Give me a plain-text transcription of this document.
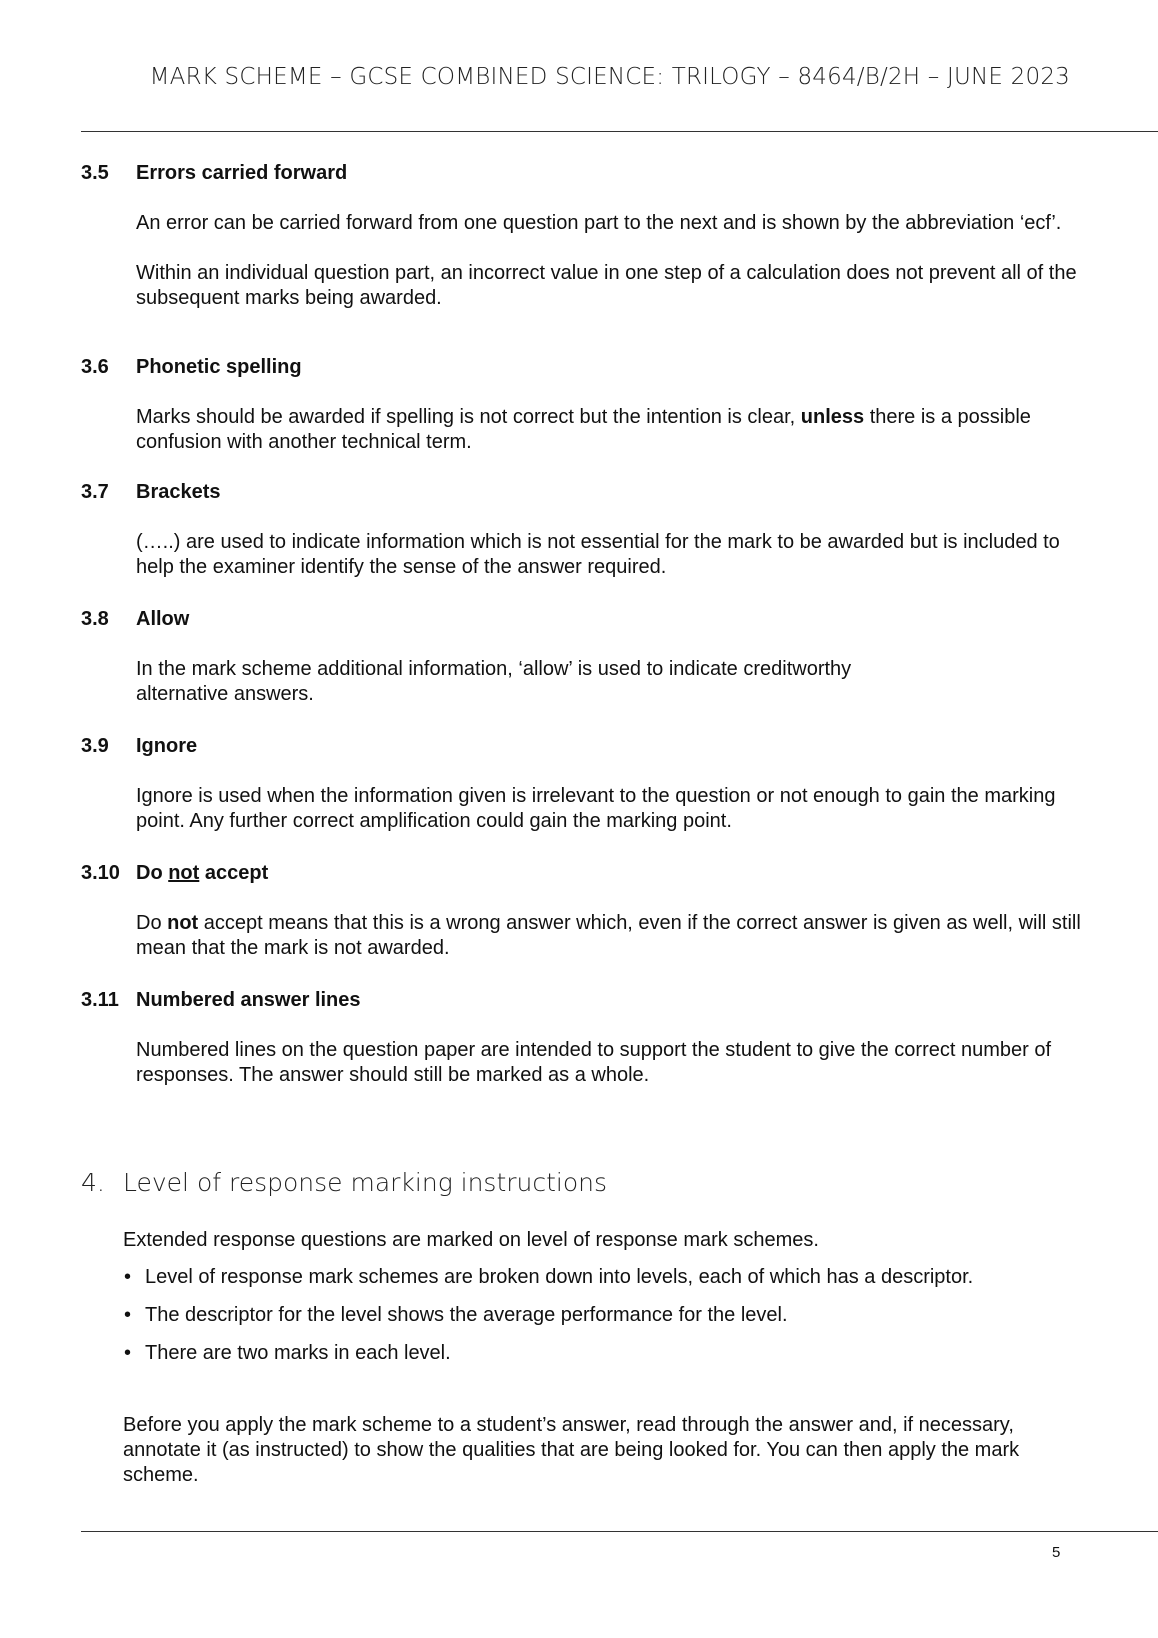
MARK SCHEME – GCSE COMBINED SCIENCE: TRILOGY – 8464/B/2H – JUNE 2023
3.5 Errors carried forward

An error can be carried forward from one question part to the next and is shown by the abbreviation ‘ecf’.

Within an individual question part, an incorrect value in one step of a calculation does not prevent all of the subsequent marks being awarded.

3.6 Phonetic spelling

Marks should be awarded if spelling is not correct but the intention is clear, unless there is a possible confusion with another technical term.

3.7 Brackets

(…..) are used to indicate information which is not essential for the mark to be awarded but is included to help the examiner identify the sense of the answer required.

3.8 Allow

In the mark scheme additional information, ‘allow’ is used to indicate creditworthy
alternative answers.

3.9 Ignore

Ignore is used when the information given is irrelevant to the question or not enough to gain the marking point. Any further correct amplification could gain the marking point.

3.10 Do not accept

Do not accept means that this is a wrong answer which, even if the correct answer is given as well, will still mean that the mark is not awarded.

3.11 Numbered answer lines

Numbered lines on the question paper are intended to support the student to give the correct number of responses. The answer should still be marked as a whole.

4. Level of response marking instructions
Extended response questions are marked on level of response mark schemes.
• Level of response mark schemes are broken down into levels, each of which has a descriptor.
• The descriptor for the level shows the average performance for the level.
• There are two marks in each level.
Before you apply the mark scheme to a student’s answer, read through the answer and, if necessary, annotate it (as instructed) to show the qualities that are being looked for. You can then apply the mark scheme.
5
